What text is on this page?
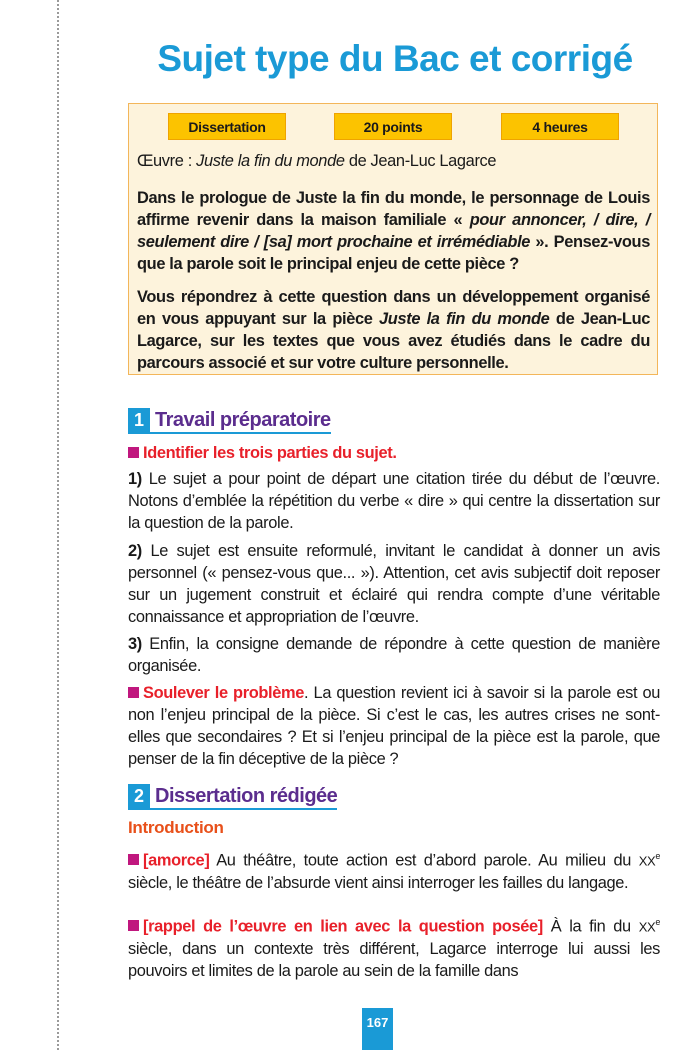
Sujet type du Bac et corrigé
Dissertation	20 points	4 heures
Œuvre : Juste la fin du monde de Jean-Luc Lagarce
Dans le prologue de Juste la fin du monde, le personnage de Louis affirme revenir dans la maison familiale « pour annoncer, / dire, / seulement dire / [sa] mort prochaine et irrémédiable ». Pensez-vous que la parole soit le principal enjeu de cette pièce ?
Vous répondrez à cette question dans un développement organisé en vous appuyant sur la pièce Juste la fin du monde de Jean-Luc Lagarce, sur les textes que vous avez étudiés dans le cadre du parcours associé et sur votre culture personnelle.
1 Travail préparatoire
Identifier les trois parties du sujet.
1) Le sujet a pour point de départ une citation tirée du début de l’œuvre. Notons d’emblée la répétition du verbe « dire » qui centre la dissertation sur la question de la parole.
2) Le sujet est ensuite reformulé, invitant le candidat à donner un avis personnel (« pensez-vous que... »). Attention, cet avis subjectif doit reposer sur un jugement construit et éclairé qui rendra compte d’une véritable connaissance et appropriation de l’œuvre.
3) Enfin, la consigne demande de répondre à cette question de manière organisée.
Soulever le problème. La question revient ici à savoir si la parole est ou non l’enjeu principal de la pièce. Si c’est le cas, les autres crises ne sont-elles que secondaires ? Et si l’enjeu principal de la pièce est la parole, que penser de la fin déceptive de la pièce ?
2 Dissertation rédigée
Introduction
[amorce] Au théâtre, toute action est d’abord parole. Au milieu du XXe siècle, le théâtre de l’absurde vient ainsi interroger les failles du langage.
[rappel de l’œuvre en lien avec la question posée] À la fin du XXe siècle, dans un contexte très différent, Lagarce interroge lui aussi les pouvoirs et limites de la parole au sein de la famille dans
167
